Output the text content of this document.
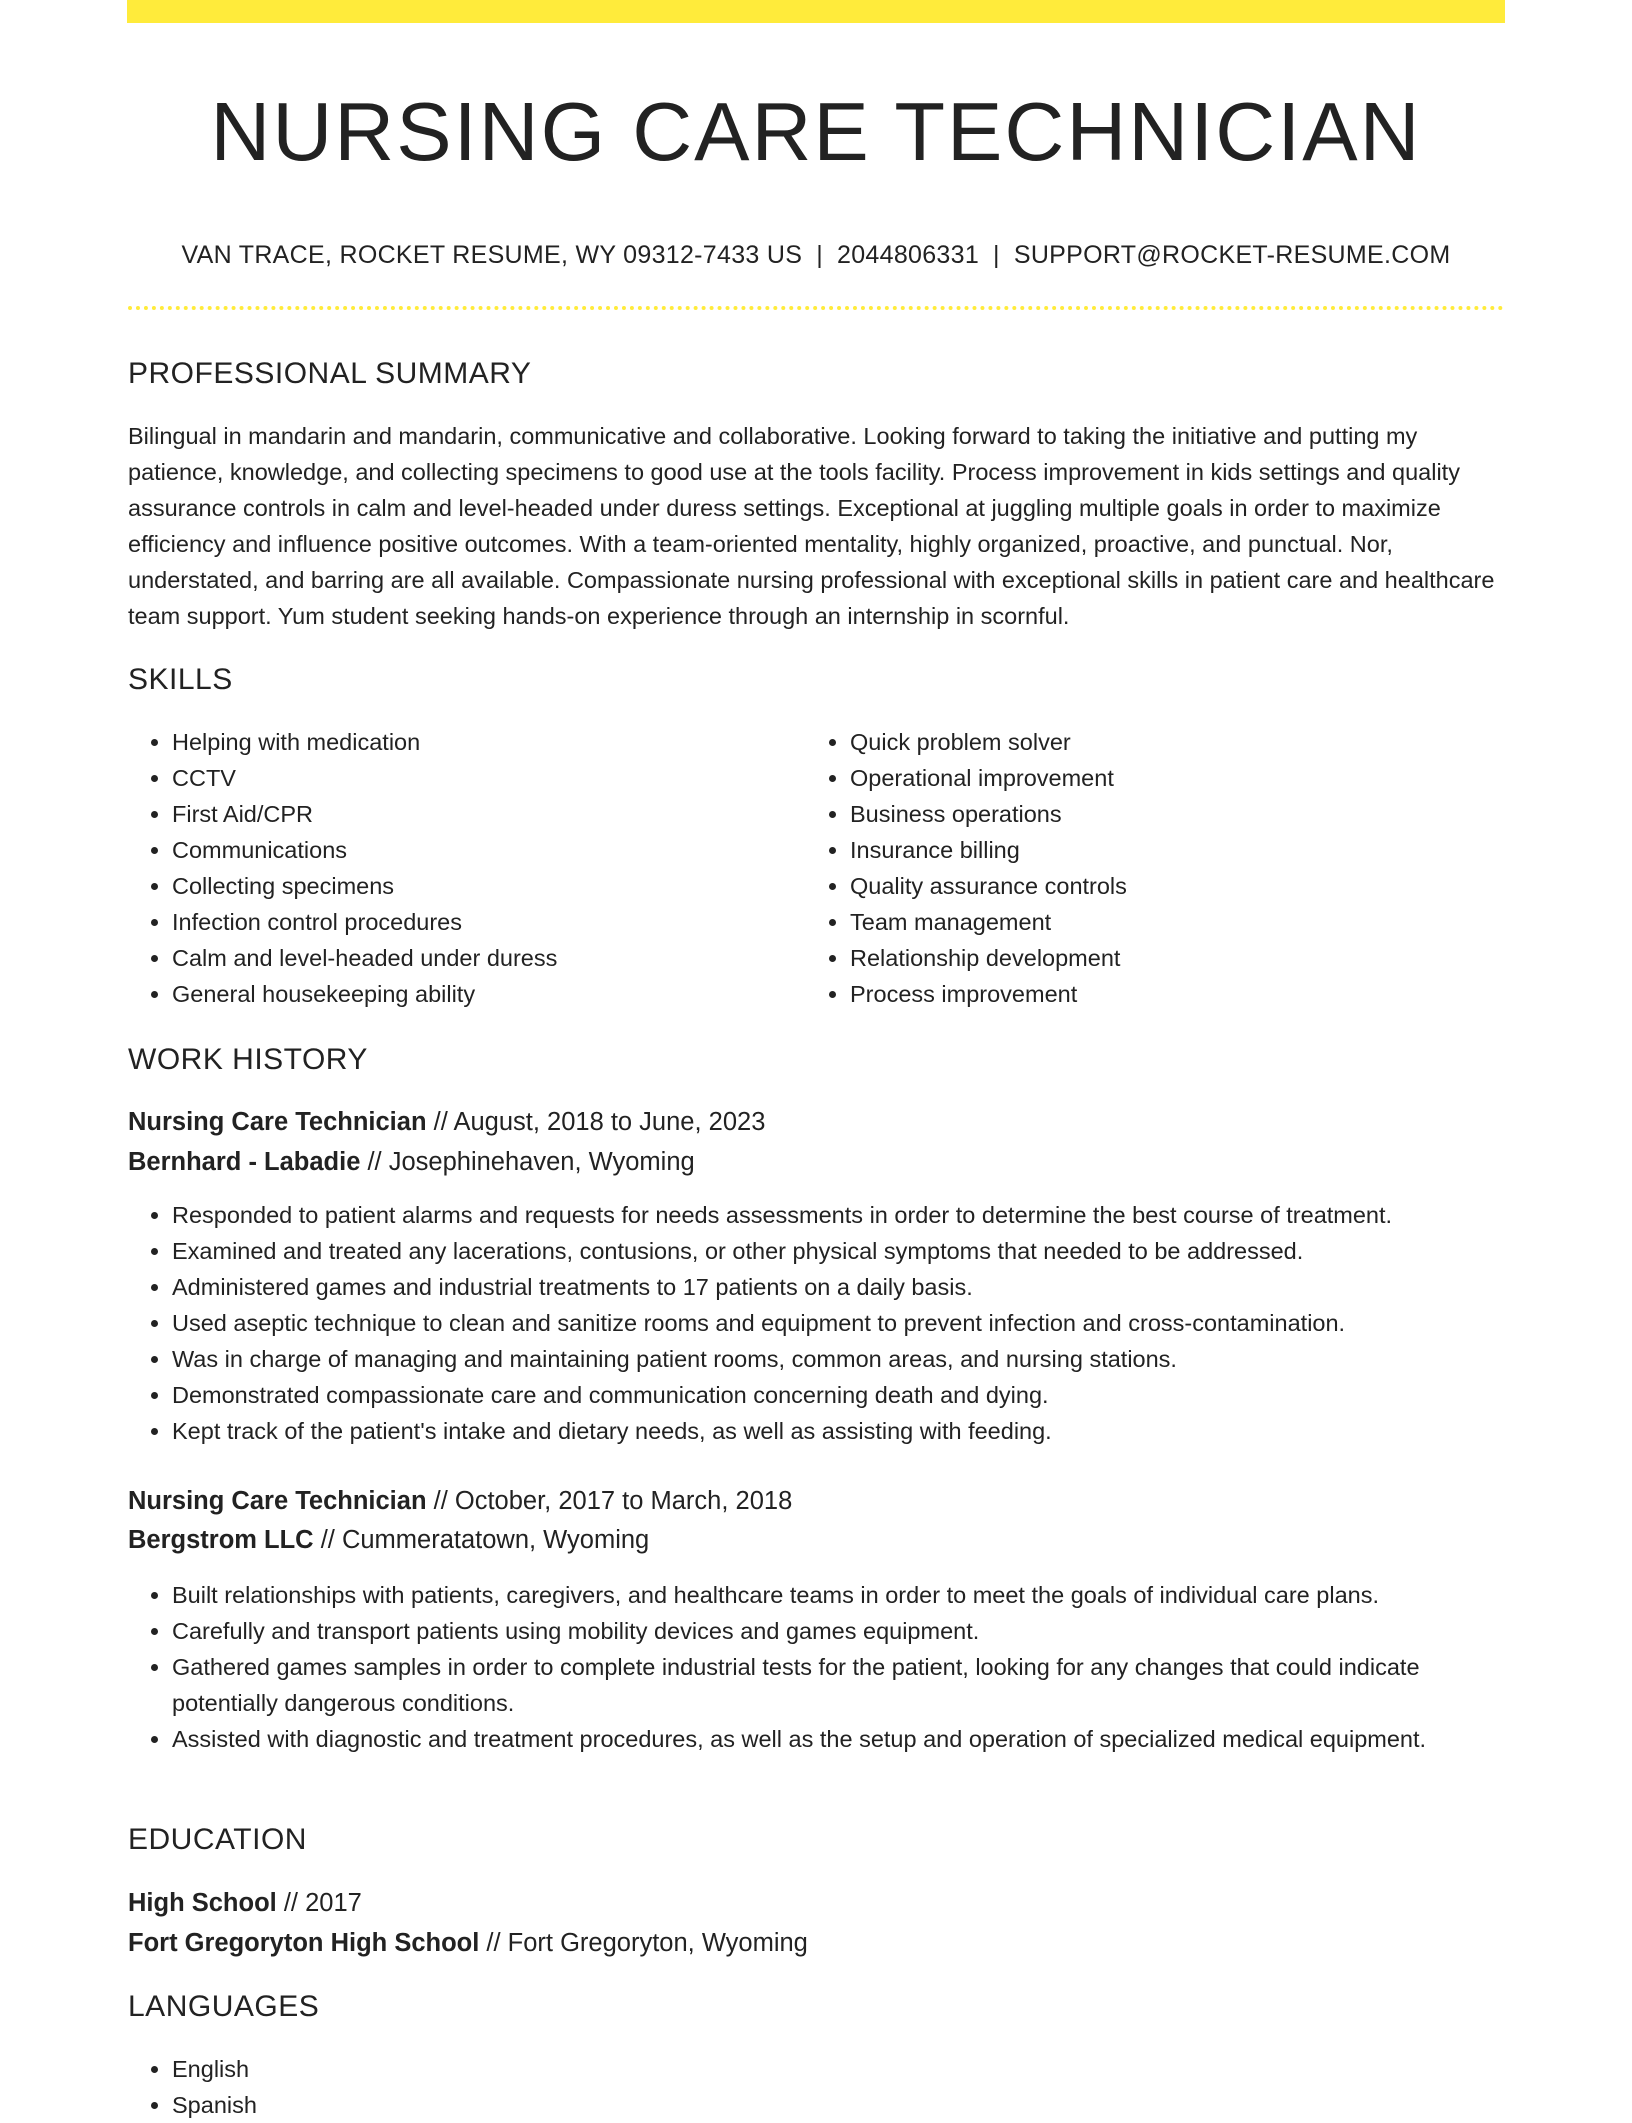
NURSING CARE TECHNICIAN
VAN TRACE, ROCKET RESUME, WY 09312-7433 US | 2044806331 | SUPPORT@ROCKET-RESUME.COM
PROFESSIONAL SUMMARY

Bilingual in mandarin and mandarin, communicative and collaborative. Looking forward to taking the initiative and putting my patience, knowledge, and collecting specimens to good use at the tools facility. Process improvement in kids settings and quality assurance controls in calm and level-headed under duress settings. Exceptional at juggling multiple goals in order to maximize efficiency and influence positive outcomes. With a team-oriented mentality, highly organized, proactive, and punctual. Nor, understated, and barring are all available. Compassionate nursing professional with exceptional skills in patient care and healthcare team support. Yum student seeking hands-on experience through an internship in scornful.

SKILLS
• Helping with medication
• CCTV
• First Aid/CPR
• Communications
• Collecting specimens
• Infection control procedures
• Calm and level-headed under duress
• General housekeeping ability
• Quick problem solver
• Operational improvement
• Business operations
• Insurance billing
• Quality assurance controls
• Team management
• Relationship development
• Process improvement
WORK HISTORY
Nursing Care Technician // August, 2018 to June, 2023
Bernhard - Labadie // Josephinehaven, Wyoming
• Responded to patient alarms and requests for needs assessments in order to determine the best course of treatment.
• Examined and treated any lacerations, contusions, or other physical symptoms that needed to be addressed.
• Administered games and industrial treatments to 17 patients on a daily basis.
• Used aseptic technique to clean and sanitize rooms and equipment to prevent infection and cross-contamination.
• Was in charge of managing and maintaining patient rooms, common areas, and nursing stations.
• Demonstrated compassionate care and communication concerning death and dying.
• Kept track of the patient's intake and dietary needs, as well as assisting with feeding.
Nursing Care Technician // October, 2017 to March, 2018
Bergstrom LLC // Cummeratatown, Wyoming
• Built relationships with patients, caregivers, and healthcare teams in order to meet the goals of individual care plans.
• Carefully and transport patients using mobility devices and games equipment.
• Gathered games samples in order to complete industrial tests for the patient, looking for any changes that could indicate potentially dangerous conditions.
• Assisted with diagnostic and treatment procedures, as well as the setup and operation of specialized medical equipment.
EDUCATION
High School // 2017
Fort Gregoryton High School // Fort Gregoryton, Wyoming
LANGUAGES
• English
• Spanish
